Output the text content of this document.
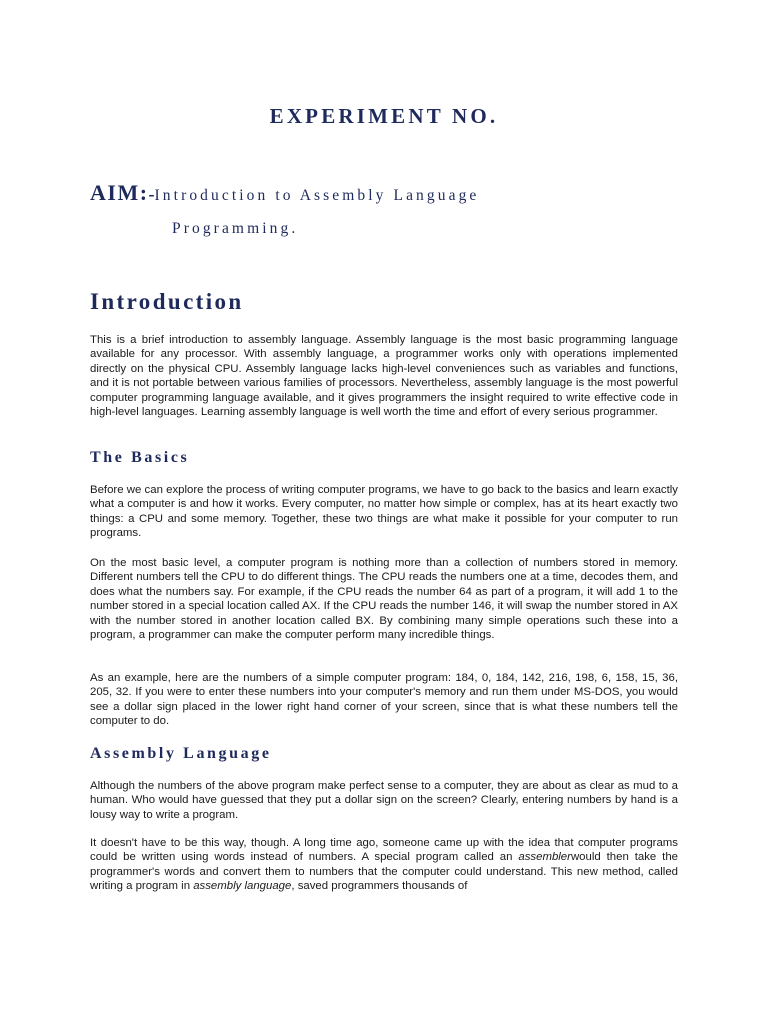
EXPERIMENT NO.
AIM:-Introduction to Assembly Language
Programming.
Introduction

This is a brief introduction to assembly language. Assembly language is the most basic programming language available for any processor. With assembly language, a programmer works only with operations implemented directly on the physical CPU. Assembly language lacks high-level conveniences such as variables and functions, and it is not portable between various families of processors. Nevertheless, assembly language is the most powerful computer programming language available, and it gives programmers the insight required to write effective code in high-level languages. Learning assembly language is well worth the time and effort of every serious programmer.

The Basics

Before we can explore the process of writing computer programs, we have to go back to the basics and learn exactly what a computer is and how it works. Every computer, no matter how simple or complex, has at its heart exactly two things: a CPU and some memory. Together, these two things are what make it possible for your computer to run programs.

On the most basic level, a computer program is nothing more than a collection of numbers stored in memory. Different numbers tell the CPU to do different things. The CPU reads the numbers one at a time, decodes them, and does what the numbers say. For example, if the CPU reads the number 64 as part of a program, it will add 1 to the number stored in a special location called AX. If the CPU reads the number 146, it will swap the number stored in AX with the number stored in another location called BX. By combining many simple operations such these into a program, a programmer can make the computer perform many incredible things.

As an example, here are the numbers of a simple computer program: 184, 0, 184, 142, 216, 198, 6, 158, 15, 36, 205, 32. If you were to enter these numbers into your computer's memory and run them under MS-DOS, you would see a dollar sign placed in the lower right hand corner of your screen, since that is what these numbers tell the computer to do.

Assembly Language

Although the numbers of the above program make perfect sense to a computer, they are about as clear as mud to a human. Who would have guessed that they put a dollar sign on the screen? Clearly, entering numbers by hand is a lousy way to write a program.

It doesn't have to be this way, though. A long time ago, someone came up with the idea that computer programs could be written using words instead of numbers. A special program called an assemblerwould then take the programmer's words and convert them to numbers that the computer could understand. This new method, called writing a program in assembly language, saved programmers thousands of
